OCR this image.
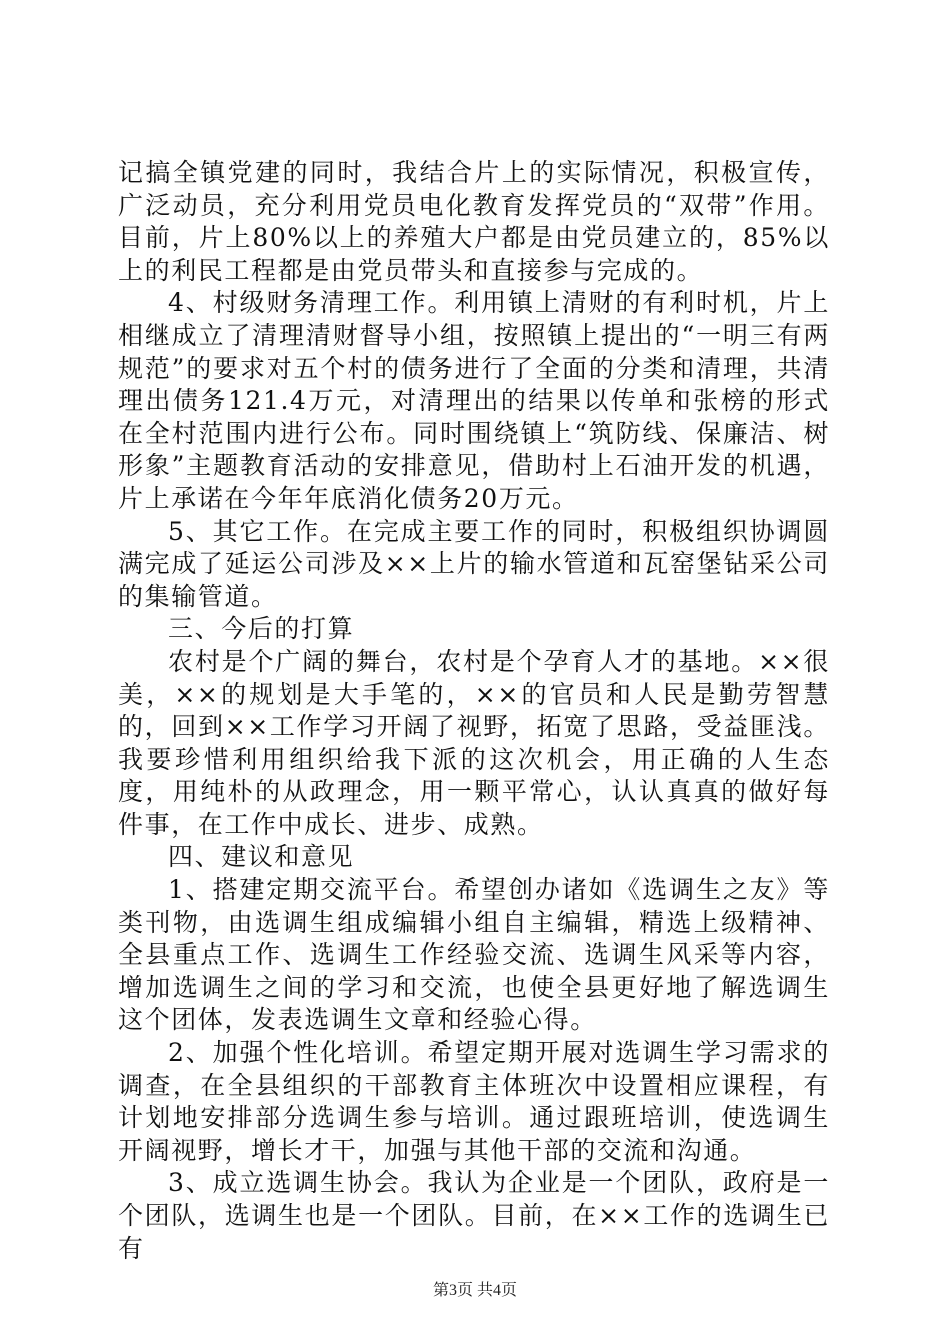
记搞全镇党建的同时，我结合片上的实际情况，积极宣传，广泛动员，充分利用党员电化教育发挥党员的“双带”作用。目前，片上80%以上的养殖大户都是由党员建立的，85%以上的利民工程都是由党员带头和直接参与完成的。

4、村级财务清理工作。利用镇上清财的有利时机，片上相继成立了清理清财督导小组，按照镇上提出的“一明三有两规范”的要求对五个村的债务进行了全面的分类和清理，共清理出债务121.4万元，对清理出的结果以传单和张榜的形式在全村范围内进行公布。同时围绕镇上“筑防线、保廉洁、树形象”主题教育活动的安排意见，借助村上石油开发的机遇，片上承诺在今年年底消化债务20万元。

5、其它工作。在完成主要工作的同时，积极组织协调圆满完成了延运公司涉及××上片的输水管道和瓦窑堡钻采公司的集输管道。

三、今后的打算

农村是个广阔的舞台，农村是个孕育人才的基地。××很美，××的规划是大手笔的，××的官员和人民是勤劳智慧的，回到××工作学习开阔了视野，拓宽了思路，受益匪浅。我要珍惜利用组织给我下派的这次机会，用正确的人生态度，用纯朴的从政理念，用一颗平常心，认认真真的做好每件事，在工作中成长、进步、成熟。

四、建议和意见

1、搭建定期交流平台。希望创办诸如《选调生之友》等类刊物，由选调生组成编辑小组自主编辑，精选上级精神、全县重点工作、选调生工作经验交流、选调生风采等内容，增加选调生之间的学习和交流，也使全县更好地了解选调生这个团体，发表选调生文章和经验心得。

2、加强个性化培训。希望定期开展对选调生学习需求的调查，在全县组织的干部教育主体班次中设置相应课程，有计划地安排部分选调生参与培训。通过跟班培训，使选调生开阔视野，增长才干，加强与其他干部的交流和沟通。

3、成立选调生协会。我认为企业是一个团队，政府是一个团队，选调生也是一个团队。目前，在××工作的选调生已有

第3页 共4页
